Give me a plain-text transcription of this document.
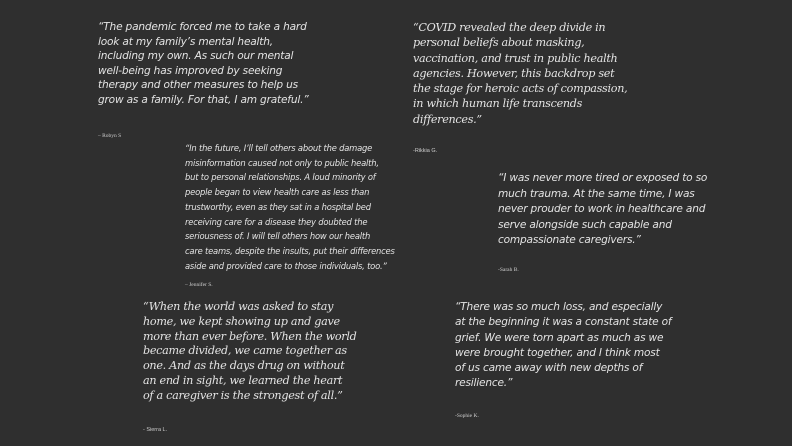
“The pandemic forced me to take a hard
look at my family’s mental health,
including my own. As such our mental
well-being has improved by seeking
therapy and other measures to help us
grow as a family. For that, I am grateful.”
– Robyn S
“COVID revealed the deep divide in
personal beliefs about masking,
vaccination, and trust in public health
agencies. However, this backdrop set
the stage for heroic acts of compassion,
in which human life transcends
differences.”
-Rikkia G.
“In the future, I’ll tell others about the damage
misinformation caused not only to public health,
but to personal relationships. A loud minority of
people began to view health care as less than
trustworthy, even as they sat in a hospital bed
receiving care for a disease they doubted the
seriousness of. I will tell others how our health
care teams, despite the insults, put their differences
aside and provided care to those individuals, too.”
– Jennifer S.
“I was never more tired or exposed to so
much trauma. At the same time, I was
never prouder to work in healthcare and
serve alongside such capable and
compassionate caregivers.”
-Sarah B.
“When the world was asked to stay
home, we kept showing up and gave
more than ever before. When the world
became divided, we came together as
one. And as the days drug on without
an end in sight, we learned the heart
of a caregiver is the strongest of all.”
- Sierra L.
“There was so much loss, and especially
at the beginning it was a constant state of
grief. We were torn apart as much as we
were brought together, and I think most
of us came away with new depths of
resilience.”
-Sophie K.
